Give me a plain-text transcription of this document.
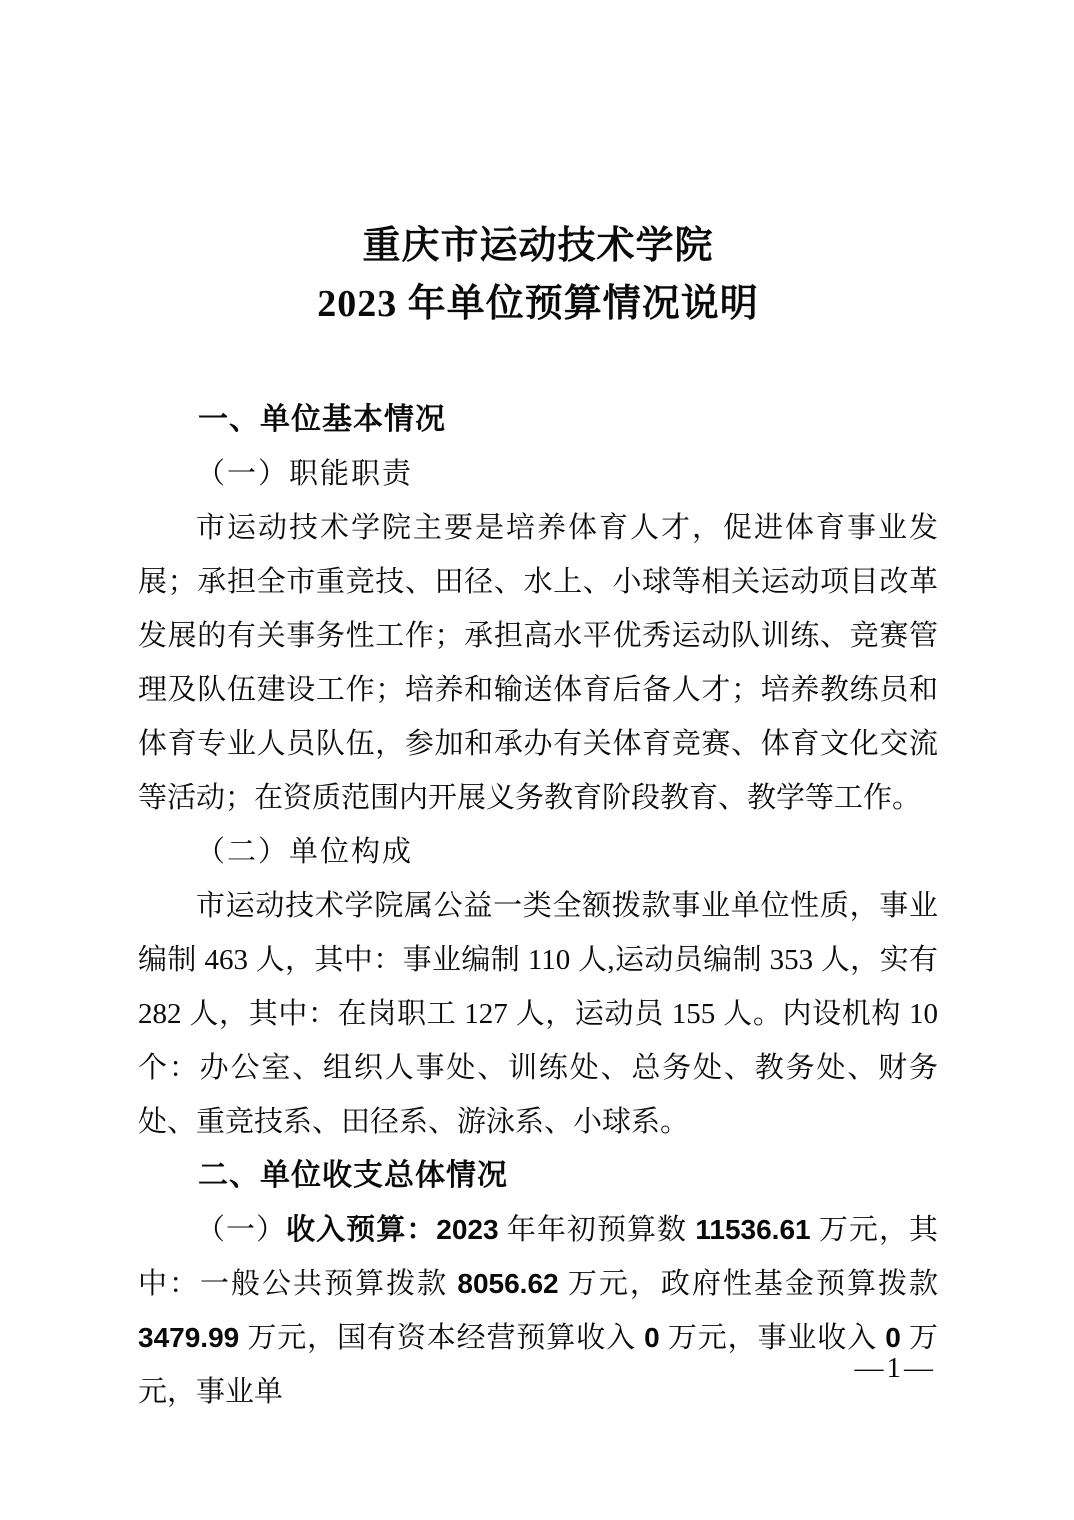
重庆市运动技术学院
2023 年单位预算情况说明

一、单位基本情况

（一）职能职责

市运动技术学院主要是培养体育人才，促进体育事业发展；承担全市重竞技、田径、水上、小球等相关运动项目改革发展的有关事务性工作；承担高水平优秀运动队训练、竞赛管理及队伍建设工作；培养和输送体育后备人才；培养教练员和体育专业人员队伍，参加和承办有关体育竞赛、体育文化交流等活动；在资质范围内开展义务教育阶段教育、教学等工作。

（二）单位构成

市运动技术学院属公益一类全额拨款事业单位性质，事业编制 463 人，其中：事业编制 110 人,运动员编制 353 人，实有 282 人，其中：在岗职工 127 人，运动员 155 人。内设机构 10 个：办公室、组织人事处、训练处、总务处、教务处、财务处、重竞技系、田径系、游泳系、小球系。

二、单位收支总体情况

（一）收入预算：2023 年年初预算数 11536.61 万元，其中：一般公共预算拨款 8056.62 万元，政府性基金预算拨款 3479.99 万元，国有资本经营预算收入 0 万元，事业收入 0 万元，事业单

—1—
